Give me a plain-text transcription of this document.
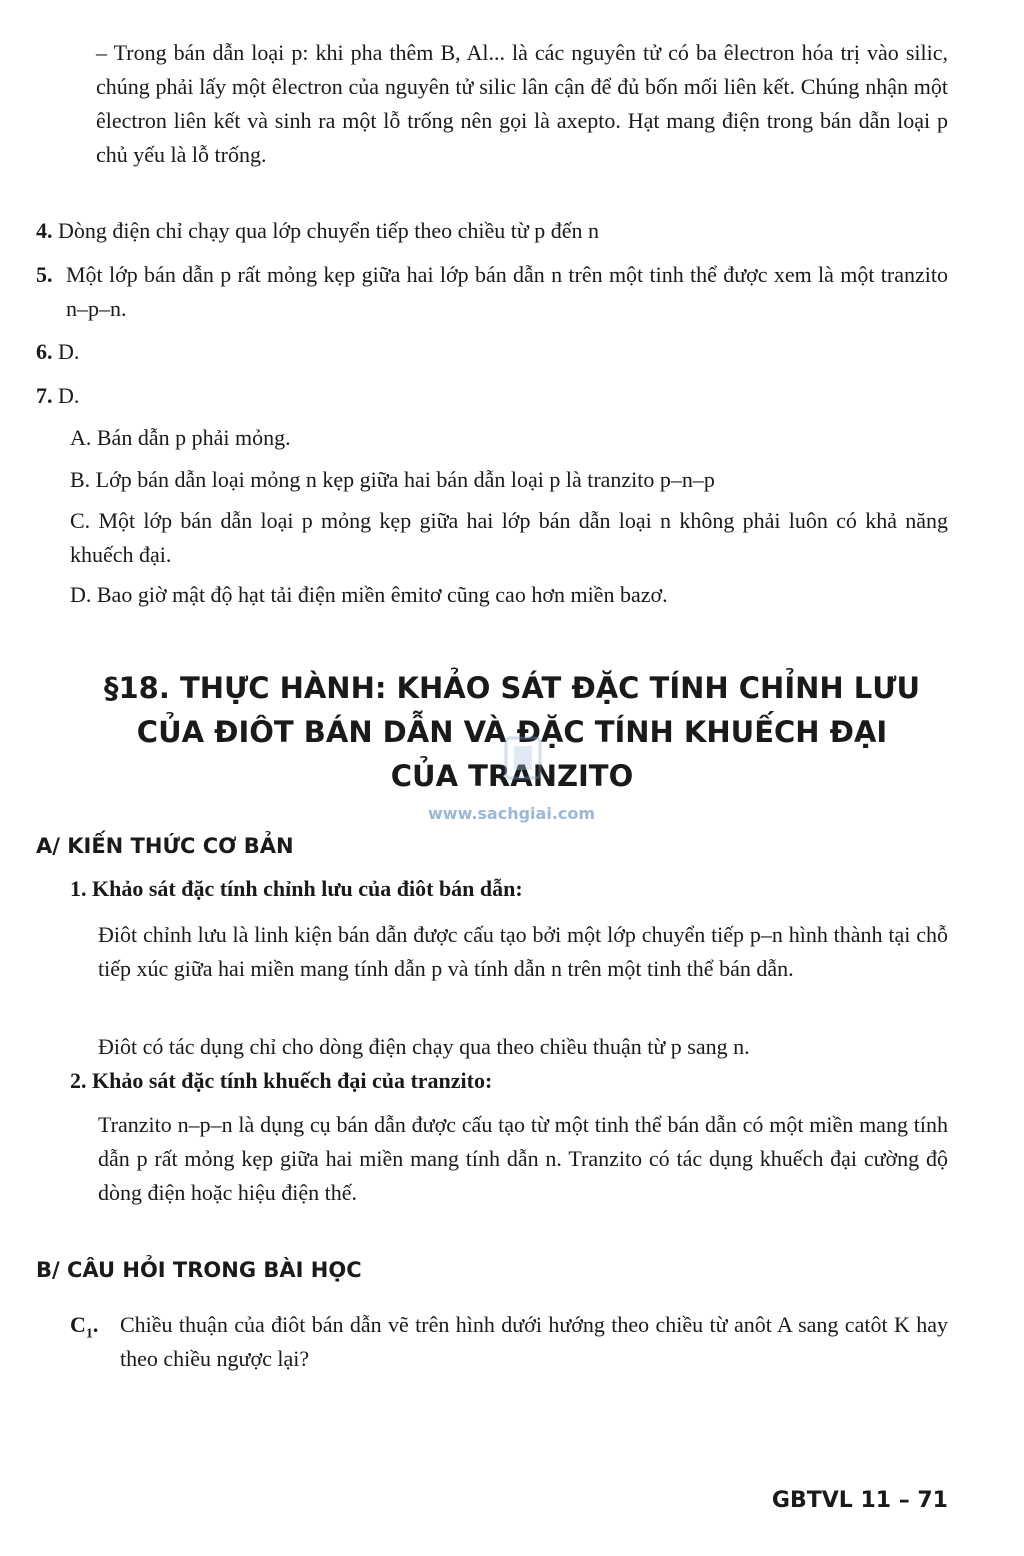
– Trong bán dẫn loại p: khi pha thêm B, Al... là các nguyên tử có ba êlectron hóa trị vào silic, chúng phải lấy một êlectron của nguyên tử silic lân cận để đủ bốn mối liên kết. Chúng nhận một êlectron liên kết và sinh ra một lỗ trống nên gọi là axepto. Hạt mang điện trong bán dẫn loại p chủ yếu là lỗ trống.

4. Dòng điện chỉ chạy qua lớp chuyển tiếp theo chiều từ p đến n

5. Một lớp bán dẫn p rất mỏng kẹp giữa hai lớp bán dẫn n trên một tinh thể được xem là một tranzito n–p–n.

6. D.

7. D.

A. Bán dẫn p phải mỏng.

B. Lớp bán dẫn loại mỏng n kẹp giữa hai bán dẫn loại p là tranzito p–n–p

C. Một lớp bán dẫn loại p mỏng kẹp giữa hai lớp bán dẫn loại n không phải luôn có khả năng khuếch đại.

D. Bao giờ mật độ hạt tải điện miền êmitơ cũng cao hơn miền bazơ.

§18. THỰC HÀNH: KHẢO SÁT ĐẶC TÍNH CHỈNH LƯU
CỦA ĐIÔT BÁN DẪN VÀ ĐẶC TÍNH KHUẾCH ĐẠI
CỦA TRANZITO
www.sachgiai.com

A/ KIẾN THỨC CƠ BẢN

1. Khảo sát đặc tính chỉnh lưu của điôt bán dẫn:

Điôt chỉnh lưu là linh kiện bán dẫn được cấu tạo bởi một lớp chuyển tiếp p–n hình thành tại chỗ tiếp xúc giữa hai miền mang tính dẫn p và tính dẫn n trên một tinh thể bán dẫn.

Điôt có tác dụng chỉ cho dòng điện chạy qua theo chiều thuận từ p sang n.

2. Khảo sát đặc tính khuếch đại của tranzito:

Tranzito n–p–n là dụng cụ bán dẫn được cấu tạo từ một tinh thể bán dẫn có một miền mang tính dẫn p rất mỏng kẹp giữa hai miền mang tính dẫn n. Tranzito có tác dụng khuếch đại cường độ dòng điện hoặc hiệu điện thế.

B/ CÂU HỎI TRONG BÀI HỌC

$C_1$. Chiều thuận của điôt bán dẫn vẽ trên hình dưới hướng theo chiều từ anôt A sang catôt K hay theo chiều ngược lại?

GBTVL 11 – 71
